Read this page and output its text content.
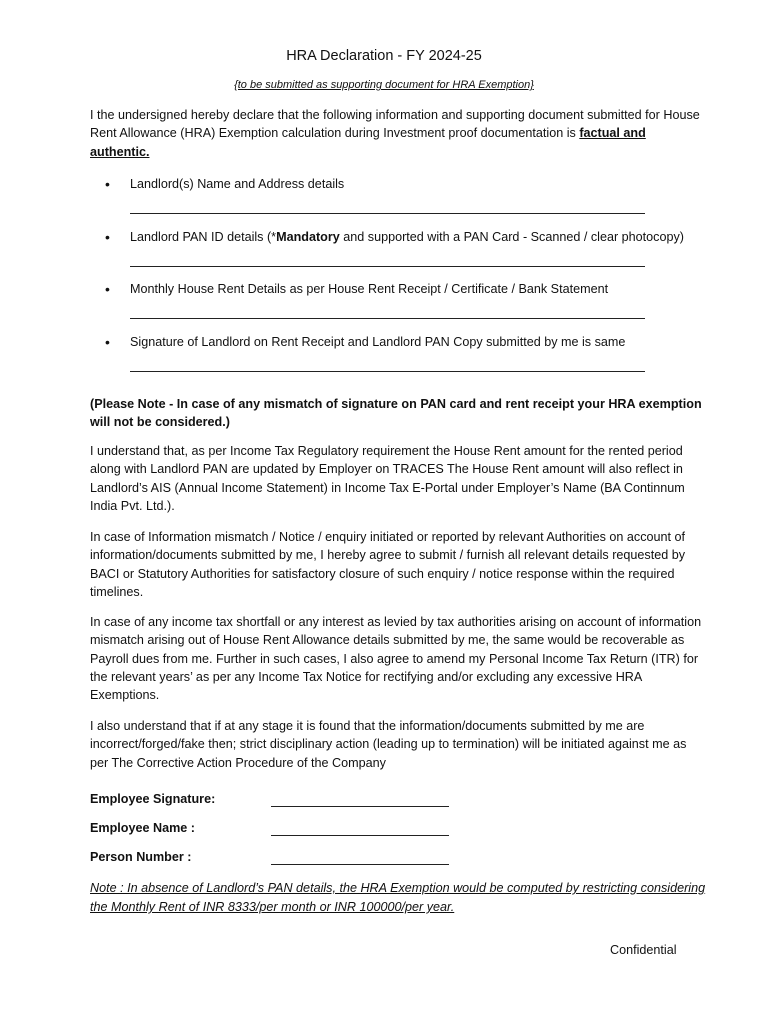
HRA Declaration - FY 2024-25
{to be submitted as supporting document for HRA Exemption}
I the undersigned hereby declare that the following information and supporting document submitted for House Rent Allowance (HRA) Exemption calculation during Investment proof documentation is factual and authentic.
• Landlord(s) Name and Address details
• Landlord PAN ID details (*Mandatory and supported with a PAN Card - Scanned / clear photocopy)
• Monthly House Rent Details as per House Rent Receipt / Certificate / Bank Statement
• Signature of Landlord on Rent Receipt and Landlord PAN Copy submitted by me is same
(Please Note - In case of any mismatch of signature on PAN card and rent receipt your HRA exemption will not be considered.)
I understand that, as per Income Tax Regulatory requirement the House Rent amount for the rented period along with Landlord PAN are updated by Employer on TRACES The House Rent amount will also reflect in Landlord’s AIS (Annual Income Statement) in Income Tax E-Portal under Employer’s Name (BA Continnum India Pvt. Ltd.).
In case of Information mismatch / Notice / enquiry initiated or reported by relevant Authorities on account of information/documents submitted by me, I hereby agree to submit / furnish all relevant details requested by BACI or Statutory Authorities for satisfactory closure of such enquiry / notice response within the required timelines.
In case of any income tax shortfall or any interest as levied by tax authorities arising on account of information mismatch arising out of House Rent Allowance details submitted by me, the same would be recoverable as Payroll dues from me. Further in such cases, I also agree to amend my Personal Income Tax Return (ITR) for the relevant years’ as per any Income Tax Notice for rectifying and/or excluding any excessive HRA Exemptions.
I also understand that if at any stage it is found that the information/documents submitted by me are incorrect/forged/fake then; strict disciplinary action (leading up to termination) will be initiated against me as per The Corrective Action Procedure of the Company
Employee Signature:
Employee Name :
Person Number :
Note : In absence of Landlord’s PAN details, the HRA Exemption would be computed by restricting considering the Monthly Rent of INR 8333/per month or INR 100000/per year.
Confidential
